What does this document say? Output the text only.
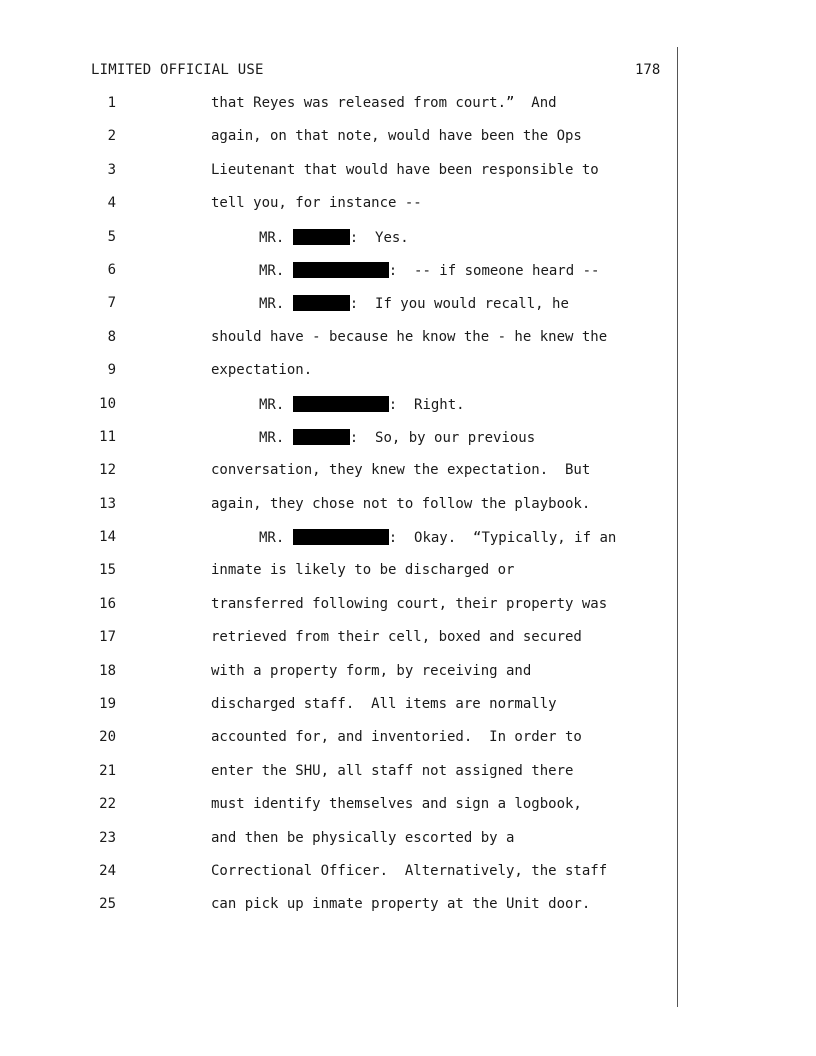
LIMITED OFFICIAL USE	178
1	that Reyes was released from court.”  And
2	again, on that note, would have been the Ops
3	Lieutenant that would have been responsible to
4	tell you, for instance --
5	MR.	:  Yes.
6	MR.	:  -- if someone heard --
7	MR.	:  If you would recall, he
8	should have - because he know the - he knew the
9	expectation.
10	MR.	:  Right.
11	MR.	:  So, by our previous
12	conversation, they knew the expectation.  But
13	again, they chose not to follow the playbook.
14	MR.	:  Okay.  “Typically, if an
15	inmate is likely to be discharged or
16	transferred following court, their property was
17	retrieved from their cell, boxed and secured
18	with a property form, by receiving and
19	discharged staff.  All items are normally
20	accounted for, and inventoried.  In order to
21	enter the SHU, all staff not assigned there
22	must identify themselves and sign a logbook,
23	and then be physically escorted by a
24	Correctional Officer.  Alternatively, the staff
25	can pick up inmate property at the Unit door.
